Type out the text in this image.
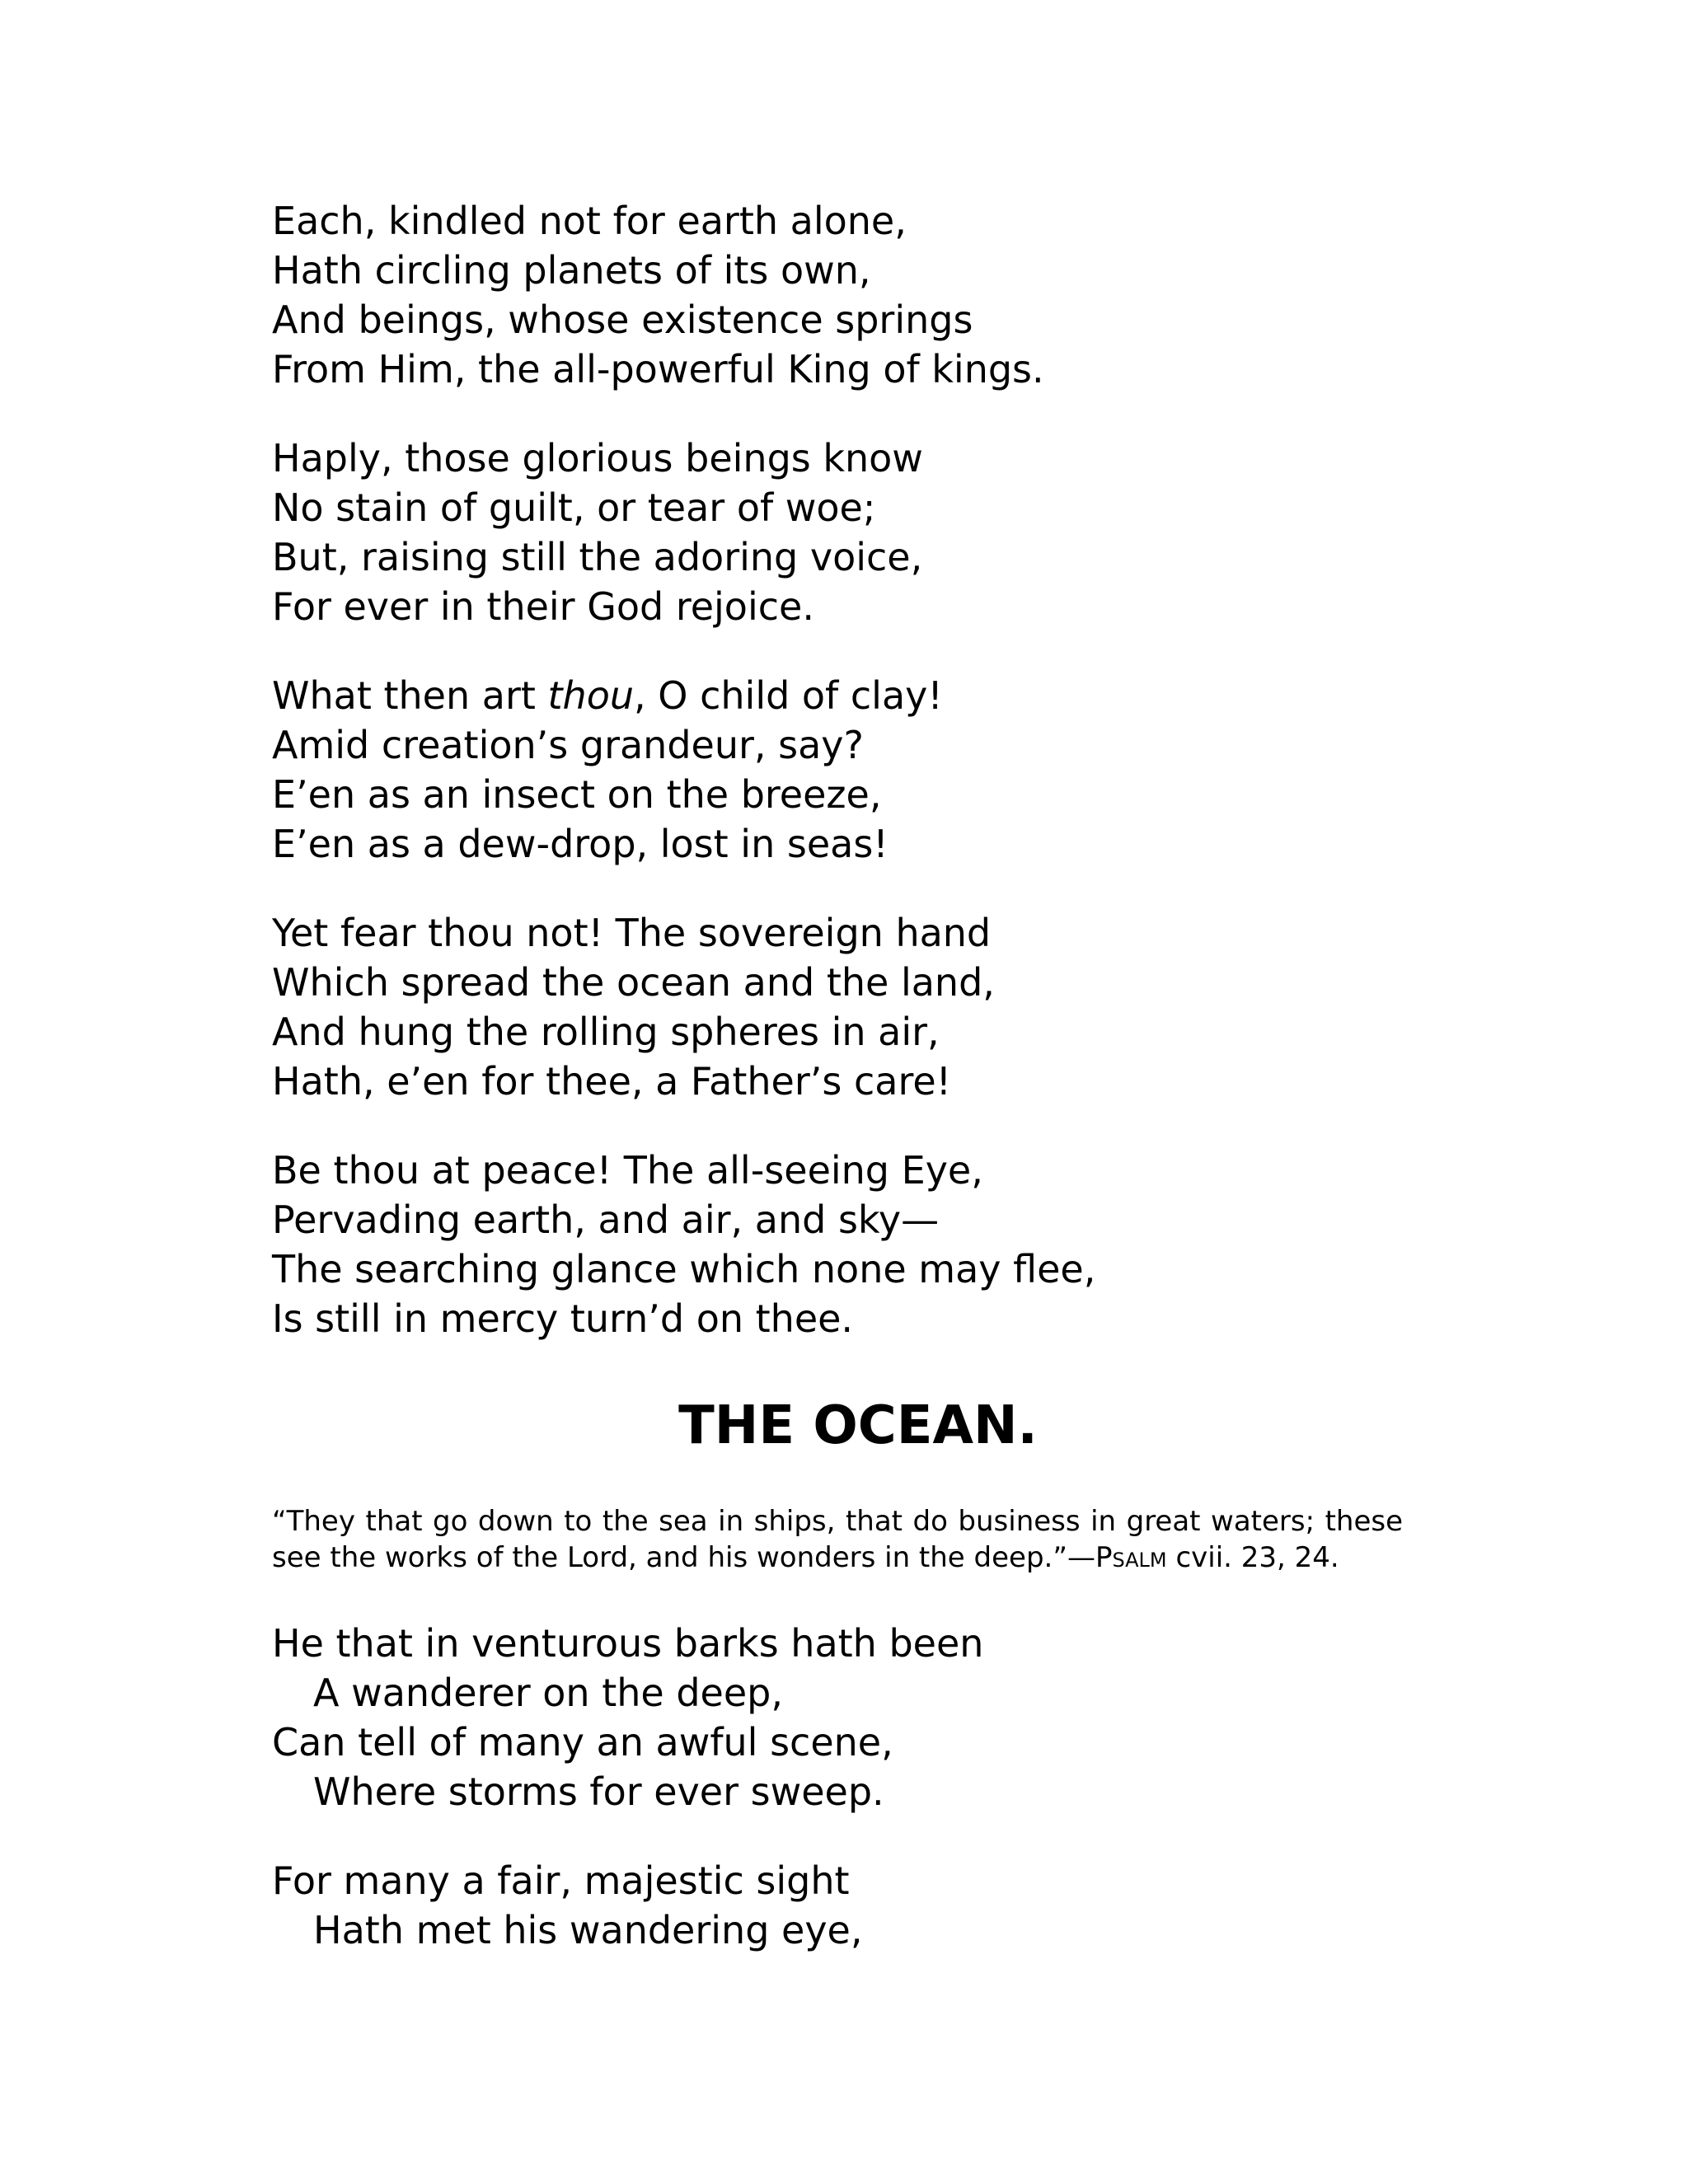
Each, kindled not for earth alone,
Hath circling planets of its own,
And beings, whose existence springs
From Him, the all-powerful King of kings.
Haply, those glorious beings know
No stain of guilt, or tear of woe;
But, raising still the adoring voice,
For ever in their God rejoice.
What then art thou, O child of clay!
Amid creation’s grandeur, say?
E’en as an insect on the breeze,
E’en as a dew-drop, lost in seas!
Yet fear thou not! The sovereign hand
Which spread the ocean and the land,
And hung the rolling spheres in air,
Hath, e’en for thee, a Father’s care!
Be thou at peace! The all-seeing Eye,
Pervading earth, and air, and sky—
The searching glance which none may flee,
Is still in mercy turn’d on thee.
THE OCEAN.
“They that go down to the sea in ships, that do business in great waters; these see the works of the Lord, and his wonders in the deep.”—Psalm cvii. 23, 24.
He that in venturous barks hath been
A wanderer on the deep,
Can tell of many an awful scene,
Where storms for ever sweep.
For many a fair, majestic sight
Hath met his wandering eye,
